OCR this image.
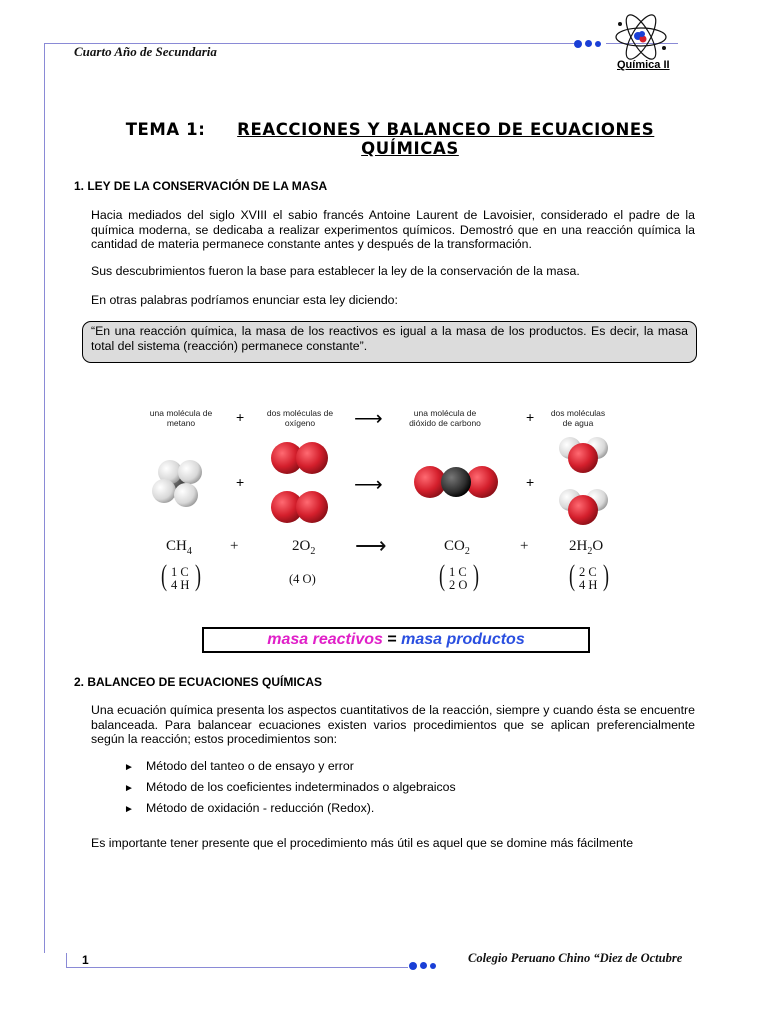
Cuarto Año de Secundaria
Química II
TEMA 1: REACCIONES Y BALANCEO DE ECUACIONES
QUÍMICAS
1. LEY DE LA CONSERVACIÓN DE LA MASA
Hacia mediados del siglo XVIII el sabio francés Antoine Laurent de Lavoisier, considerado el padre de la química moderna, se dedicaba a realizar experimentos químicos. Demostró que en una reacción química la cantidad de materia permanece constante antes y después de la transformación.
Sus descubrimientos fueron la base para establecer la ley de la conservación de la masa.
En otras palabras podríamos enunciar esta ley diciendo:
“En una reacción química, la masa de los reactivos es igual a la masa de los productos. Es decir, la masa total del sistema (reacción) permanece constante”.
una molécula de metano
dos moléculas de oxígeno
una molécula de dióxido de carbono
dos moléculas de agua
+	⟶	+
+	⟶	+
$CH_4$	+	$2O_2$ ⟶	$CO_2$	+	$2H_2O$
( 1 C
4 H )	(4 O)	( 1 C
2 O )	( 2 C
4 H )
masa reactivos = masa productos
2. BALANCEO DE ECUACIONES QUÍMICAS
Una ecuación química presenta los aspectos cuantitativos de la reacción, siempre y cuando ésta se encuentre balanceada. Para balancear ecuaciones existen varios procedimientos que se aplican preferencialmente según la reacción; estos procedimientos son:
► Método del tanteo o de ensayo y error
► Método de los coeficientes indeterminados o algebraicos
► Método de oxidación - reducción (Redox).
Es importante tener presente que el procedimiento más útil es aquel que se domine más fácilmente
1	Colegio Peruano Chino “Diez de Octubre
